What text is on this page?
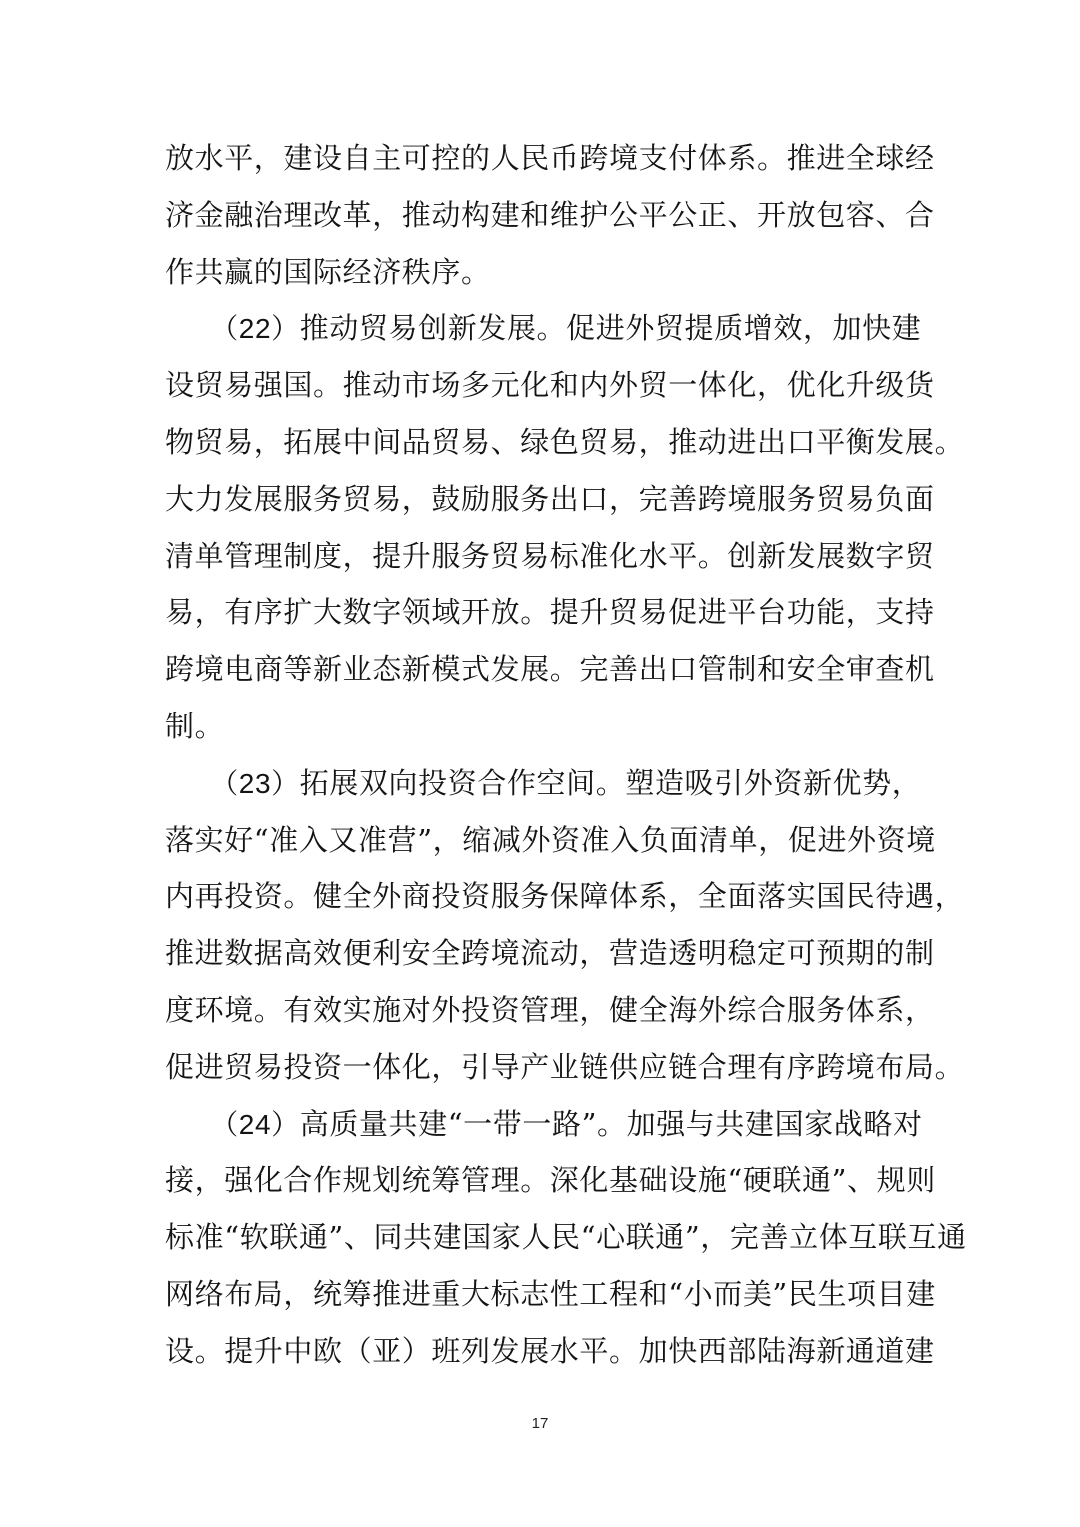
放水平，建设自主可控的人民币跨境支付体系。推进全球经
济金融治理改革，推动构建和维护公平公正、开放包容、合
作共赢的国际经济秩序。
　　（22）推动贸易创新发展。促进外贸提质增效，加快建
设贸易强国。推动市场多元化和内外贸一体化，优化升级货
物贸易，拓展中间品贸易、绿色贸易，推动进出口平衡发展。
大力发展服务贸易，鼓励服务出口，完善跨境服务贸易负面
清单管理制度，提升服务贸易标准化水平。创新发展数字贸
易，有序扩大数字领域开放。提升贸易促进平台功能，支持
跨境电商等新业态新模式发展。完善出口管制和安全审查机
制。
　　（23）拓展双向投资合作空间。塑造吸引外资新优势，
落实好“准入又准营”，缩减外资准入负面清单，促进外资境
内再投资。健全外商投资服务保障体系，全面落实国民待遇，
推进数据高效便利安全跨境流动，营造透明稳定可预期的制
度环境。有效实施对外投资管理，健全海外综合服务体系，
促进贸易投资一体化，引导产业链供应链合理有序跨境布局。
　　（24）高质量共建“一带一路”。加强与共建国家战略对
接，强化合作规划统筹管理。深化基础设施“硬联通”、规则
标准“软联通”、同共建国家人民“心联通”，完善立体互联互通
网络布局，统筹推进重大标志性工程和“小而美”民生项目建
设。提升中欧（亚）班列发展水平。加快西部陆海新通道建
17
